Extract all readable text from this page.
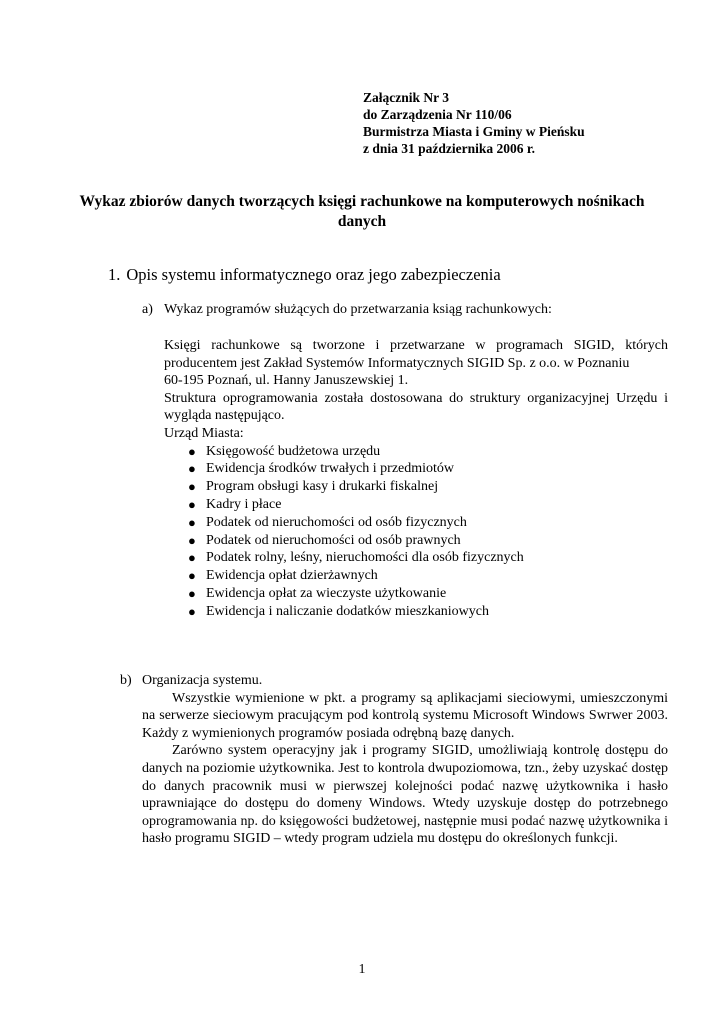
Załącznik Nr 3
do Zarządzenia Nr 110/06
Burmistrza Miasta i Gminy w Pieńsku
z dnia 31 października 2006 r.
Wykaz zbiorów danych tworzących księgi rachunkowe na komputerowych nośnikach danych
1. Opis systemu informatycznego oraz jego zabezpieczenia
a) Wykaz programów służących do przetwarzania ksiąg rachunkowych:

Księgi rachunkowe są tworzone i przetwarzane w programach SIGID, których producentem jest Zakład Systemów Informatycznych SIGID Sp. z o.o. w Poznaniu

60-195 Poznań, ul. Hanny Januszewskiej 1.

Struktura oprogramowania została dostosowana do struktury organizacyjnej Urzędu i wygląda następująco.

Urząd Miasta:

● Księgowość budżetowa urzędu
● Ewidencja środków trwałych i przedmiotów
● Program obsługi kasy i drukarki fiskalnej
● Kadry i płace
● Podatek od nieruchomości od osób fizycznych
● Podatek od nieruchomości od osób prawnych
● Podatek rolny, leśny, nieruchomości dla osób fizycznych
● Ewidencja opłat dzierżawnych
● Ewidencja opłat za wieczyste użytkowanie
● Ewidencja i naliczanie dodatków mieszkaniowych
b) Organizacja systemu.

Wszystkie wymienione w pkt. a programy są aplikacjami sieciowymi, umieszczonymi na serwerze sieciowym pracującym pod kontrolą systemu Microsoft Windows Swrwer 2003. Każdy z wymienionych programów posiada odrębną bazę danych.

Zarówno system operacyjny jak i programy SIGID, umożliwiają kontrolę dostępu do danych na poziomie użytkownika. Jest to kontrola dwupoziomowa, tzn., żeby uzyskać dostęp do danych pracownik musi w pierwszej kolejności podać nazwę użytkownika i hasło uprawniające do dostępu do domeny Windows. Wtedy uzyskuje dostęp do potrzebnego oprogramowania np. do księgowości budżetowej, następnie musi podać nazwę użytkownika i hasło programu SIGID – wtedy program udziela mu dostępu do określonych funkcji.

1
